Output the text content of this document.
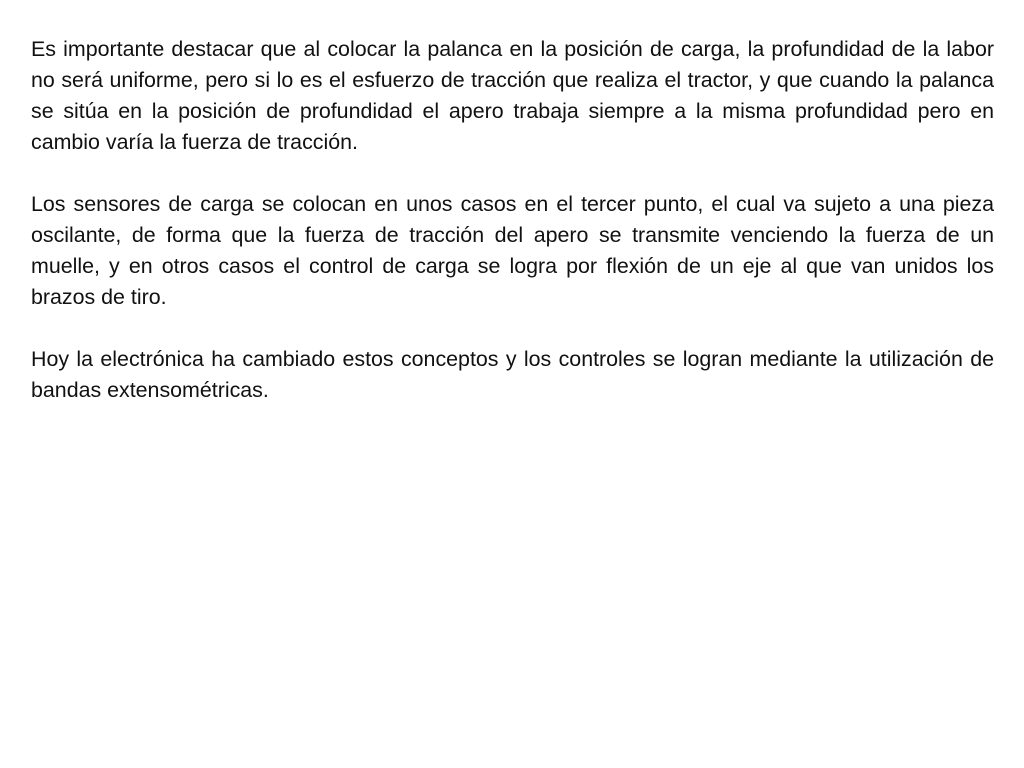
Es importante destacar que al colocar la palanca en la posición de carga, la profundidad de la labor no será uniforme, pero si lo es el esfuerzo de tracción que realiza el tractor, y que cuando la palanca se sitúa en la posición de profundidad el apero trabaja siempre a la misma profundidad pero en cambio varía la fuerza de tracción.

Los sensores de carga se colocan en unos casos en el tercer punto, el cual va sujeto a una pieza oscilante, de forma que la fuerza de tracción del apero se transmite venciendo la fuerza de un muelle, y en otros casos el control de carga se logra por flexión de un eje al que van unidos los brazos de tiro.

Hoy la electrónica ha cambiado estos conceptos y los controles se logran mediante la utilización de bandas extensométricas.
